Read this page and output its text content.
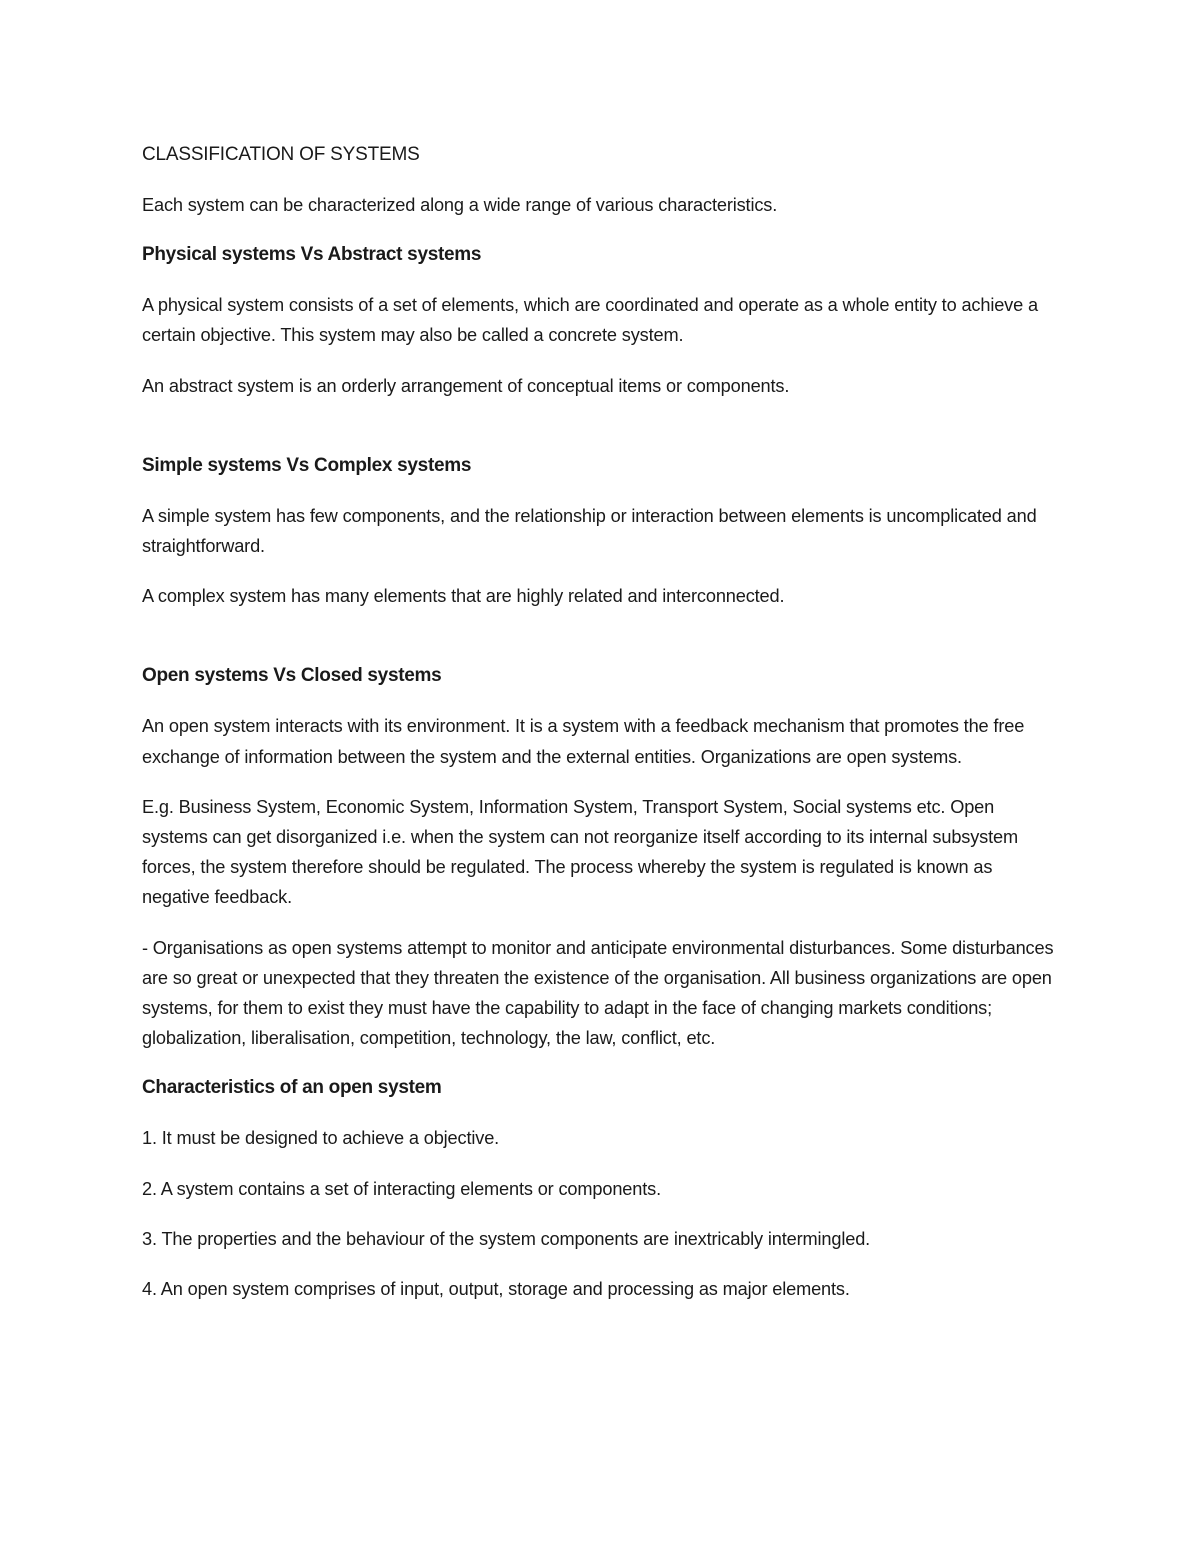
CLASSIFICATION OF SYSTEMS

Each system can be characterized along a wide range of various characteristics.

Physical systems Vs Abstract systems

A physical system consists of a set of elements, which are coordinated and operate as a whole entity to achieve a certain objective. This system may also be called a concrete system.

An abstract system is an orderly arrangement of conceptual items or components.

Simple systems Vs Complex systems

A simple system has few components, and the relationship or interaction between elements is uncomplicated and straightforward.

A complex system has many elements that are highly related and interconnected.

Open systems Vs Closed systems

An open system interacts with its environment. It is a system with a feedback mechanism that promotes the free exchange of information between the system and the external entities. Organizations are open systems.

E.g. Business System, Economic System, Information System, Transport System, Social systems etc. Open systems can get disorganized i.e. when the system can not reorganize itself according to its internal subsystem forces, the system therefore should be regulated. The process whereby the system is regulated is known as negative feedback.

- Organisations as open systems attempt to monitor and anticipate environmental disturbances. Some disturbances are so great or unexpected that they threaten the existence of the organisation. All business organizations are open systems, for them to exist they must have the capability to adapt in the face of changing markets conditions; globalization, liberalisation, competition, technology, the law, conflict, etc.

Characteristics of an open system

1. It must be designed to achieve a objective.

2. A system contains a set of interacting elements or components.

3. The properties and the behaviour of the system components are inextricably intermingled.

4. An open system comprises of input, output, storage and processing as major elements.
